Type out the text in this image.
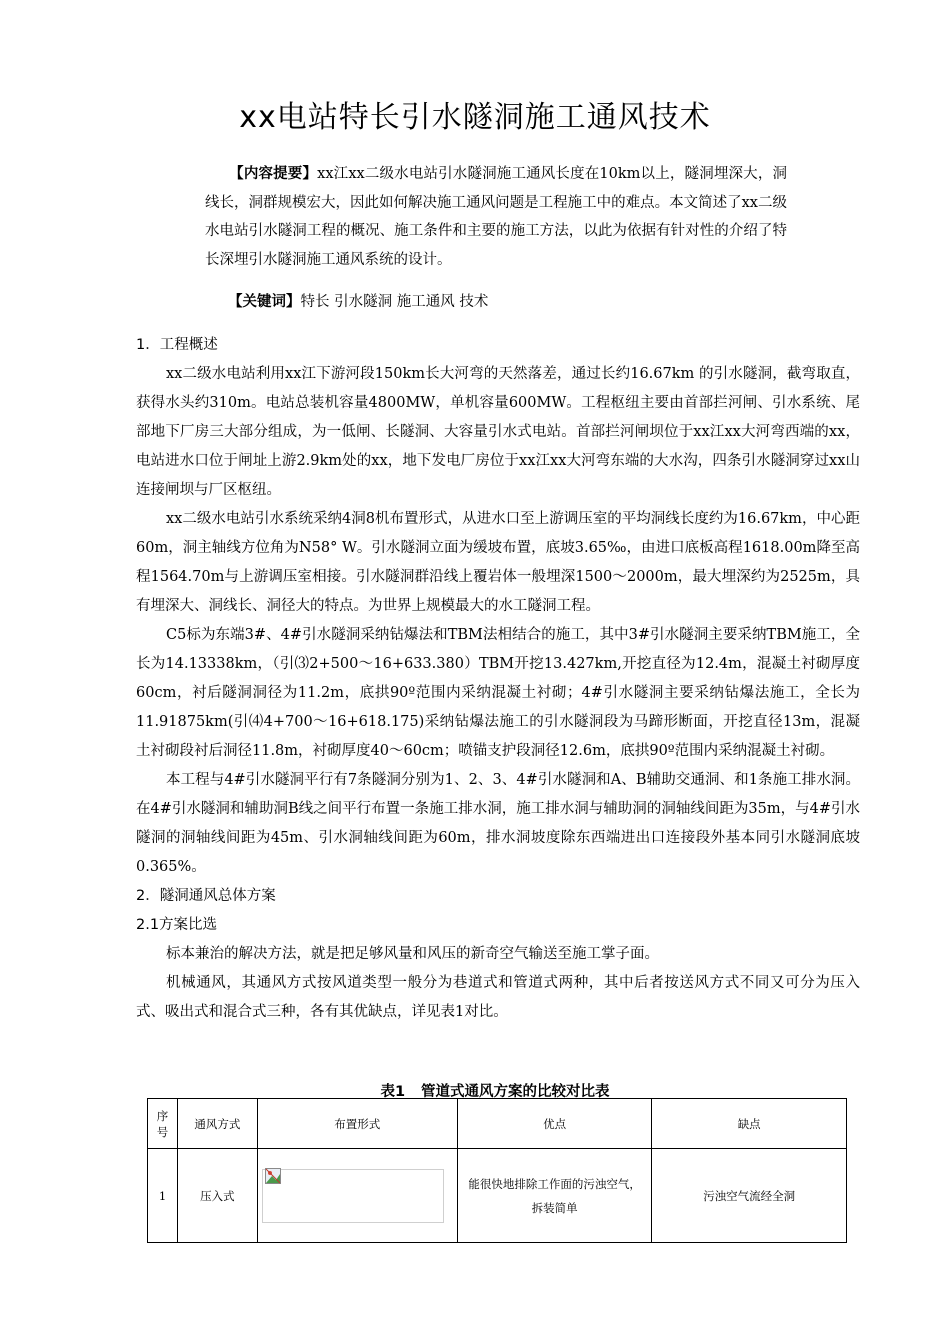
xx电站特长引水隧洞施工通风技术
【内容提要】xx江xx二级水电站引水隧洞施工通风长度在10km以上，隧洞埋深大，洞线长，洞群规模宏大，因此如何解决施工通风问题是工程施工中的难点。本文简述了xx二级水电站引水隧洞工程的概况、施工条件和主要的施工方法，以此为依据有针对性的介绍了特长深埋引水隧洞施工通风系统的设计。
【关键词】特长 引水隧洞 施工通风 技术
1．工程概述

xx二级水电站利用xx江下游河段150km长大河弯的天然落差，通过长约16.67km 的引水隧洞，截弯取直，获得水头约310m。电站总装机容量4800MW，单机容量600MW。工程枢纽主要由首部拦河闸、引水系统、尾部地下厂房三大部分组成，为一低闸、长隧洞、大容量引水式电站。首部拦河闸坝位于xx江xx大河弯西端的xx，电站进水口位于闸址上游2.9km处的xx，地下发电厂房位于xx江xx大河弯东端的大水沟，四条引水隧洞穿过xx山连接闸坝与厂区枢纽。

xx二级水电站引水系统采纳4洞8机布置形式，从进水口至上游调压室的平均洞线长度约为16.67km，中心距60m，洞主轴线方位角为N58° W。引水隧洞立面为缓坡布置，底坡3.65‰，由进口底板高程1618.00m降至高程1564.70m与上游调压室相接。引水隧洞群沿线上覆岩体一般埋深1500～2000m，最大埋深约为2525m，具有埋深大、洞线长、洞径大的特点。为世界上规模最大的水工隧洞工程。

C5标为东端3#、4#引水隧洞采纳钻爆法和TBM法相结合的施工，其中3#引水隧洞主要采纳TBM施工，全长为14.13338km，（引⑶2+500～16+633.380）TBM开挖13.427km,开挖直径为12.4m，混凝土衬砌厚度60cm，衬后隧洞洞径为11.2m，底拱90º范围内采纳混凝土衬砌；4#引水隧洞主要采纳钻爆法施工，全长为11.91875km(引⑷4+700～16+618.175)采纳钻爆法施工的引水隧洞段为马蹄形断面，开挖直径13m，混凝土衬砌段衬后洞径11.8m，衬砌厚度40～60cm；喷锚支护段洞径12.6m，底拱90º范围内采纳混凝土衬砌。

本工程与4#引水隧洞平行有7条隧洞分别为1、2、3、4#引水隧洞和A、B辅助交通洞、和1条施工排水洞。在4#引水隧洞和辅助洞B线之间平行布置一条施工排水洞，施工排水洞与辅助洞的洞轴线间距为35m，与4#引水隧洞的洞轴线间距为45m、引水洞轴线间距为60m，排水洞坡度除东西端进出口连接段外基本同引水隧洞底坡0.365%。

2．隧洞通风总体方案
2.1方案比选

标本兼治的解决方法，就是把足够风量和风压的新奇空气输送至施工掌子面。

机械通风，其通风方式按风道类型一般分为巷道式和管道式两种，其中后者按送风方式不同又可分为压入式、吸出式和混合式三种，各有其优缺点，详见表1对比。

表1 管道式通风方案的比较对比表
序号	通风方式	布置形式	优点	缺点
1	压入式		能很快地排除工作面的污浊空气，
拆装简单	污浊空气流经全洞
